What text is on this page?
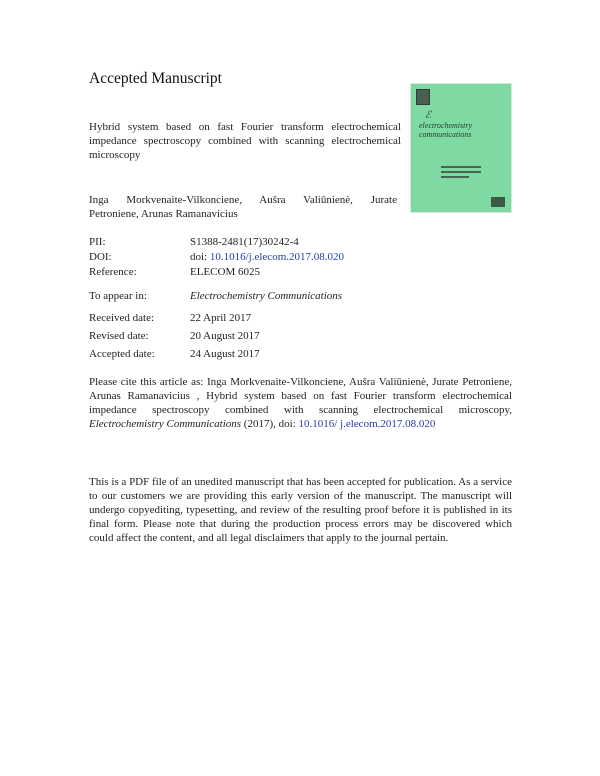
Accepted Manuscript
Hybrid system based on fast Fourier transform electrochemical impedance spectroscopy combined with scanning electrochemical microscopy
Inga Morkvenaite-Vilkonciene, Aušra Valiūnienė, Jurate
Petroniene, Arunas Ramanavicius
ℰ
electrochemistry communications
PII:	S1388-2481(17)30242-4
DOI:	doi: 10.1016/j.elecom.2017.08.020
Reference:	ELECOM 6025
To appear in:	Electrochemistry Communications
Received date:	22 April 2017
Revised date:	20 August 2017
Accepted date:	24 August 2017
Please cite this article as: Inga Morkvenaite-Vilkonciene, Aušra Valiūnienė, Jurate Petroniene, Arunas Ramanavicius , Hybrid system based on fast Fourier transform electrochemical impedance spectroscopy combined with scanning electrochemical microscopy, Electrochemistry Communications (2017), doi: 10.1016/ j.elecom.2017.08.020
This is a PDF file of an unedited manuscript that has been accepted for publication. As a service to our customers we are providing this early version of the manuscript. The manuscript will undergo copyediting, typesetting, and review of the resulting proof before it is published in its final form. Please note that during the production process errors may be discovered which could affect the content, and all legal disclaimers that apply to the journal pertain.
